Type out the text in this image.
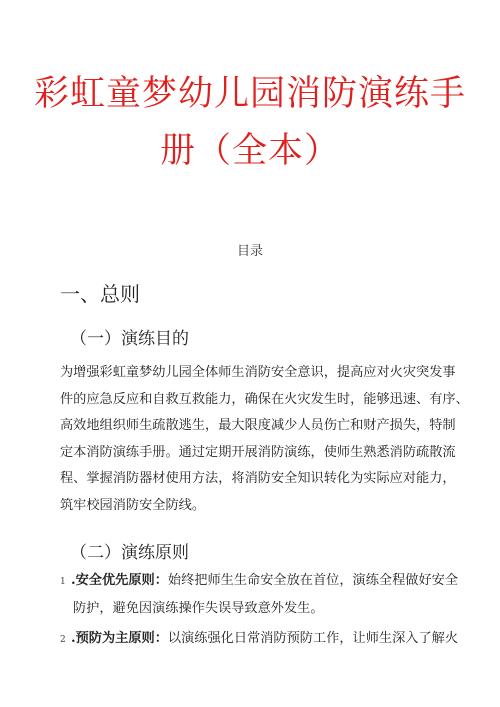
彩虹童梦幼儿园消防演练手
册（全本）
目录
一、总则
（一）演练目的
为增强彩虹童梦幼儿园全体师生消防安全意识，提高应对火灾突发事
件的应急反应和自救互救能力，确保在火灾发生时，能够迅速、有序、
高效地组织师生疏散逃生，最大限度减少人员伤亡和财产损失，特制
定本消防演练手册。通过定期开展消防演练，使师生熟悉消防疏散流
程、掌握消防器材使用方法，将消防安全知识转化为实际应对能力，
筑牢校园消防安全防线。
（二）演练原则
1 .安全优先原则：始终把师生生命安全放在首位，演练全程做好安全
防护，避免因演练操作失误导致意外发生。
2 .预防为主原则：以演练强化日常消防预防工作，让师生深入了解火
